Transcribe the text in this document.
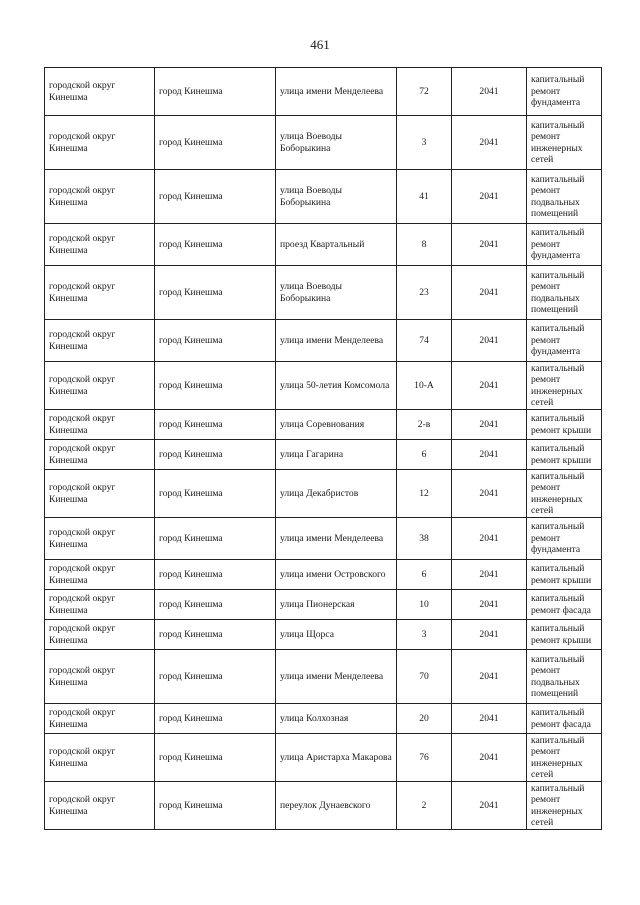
461
городской округ Кинешма	город Кинешма	улица имени Менделеева	72	2041	капитальный ремонт фундамента
городской округ Кинешма	город Кинешма	улица Воеводы Боборыкина	3	2041	капитальный ремонт инженерных сетей
городской округ Кинешма	город Кинешма	улица Воеводы Боборыкина	41	2041	капитальный ремонт подвальных помещений
городской округ Кинешма	город Кинешма	проезд Квартальный	8	2041	капитальный ремонт фундамента
городской округ Кинешма	город Кинешма	улица Воеводы Боборыкина	23	2041	капитальный ремонт подвальных помещений
городской округ Кинешма	город Кинешма	улица имени Менделеева	74	2041	капитальный ремонт фундамента
городской округ Кинешма	город Кинешма	улица 50-летия Комсомола	10-А	2041	капитальный ремонт инженерных сетей
городской округ Кинешма	город Кинешма	улица Соревнования	2-в	2041	капитальный ремонт крыши
городской округ Кинешма	город Кинешма	улица Гагарина	6	2041	капитальный ремонт крыши
городской округ Кинешма	город Кинешма	улица Декабристов	12	2041	капитальный ремонт инженерных сетей
городской округ Кинешма	город Кинешма	улица имени Менделеева	38	2041	капитальный ремонт фундамента
городской округ Кинешма	город Кинешма	улица имени Островского	6	2041	капитальный ремонт крыши
городской округ Кинешма	город Кинешма	улица Пионерская	10	2041	капитальный ремонт фасада
городской округ Кинешма	город Кинешма	улица Щорса	3	2041	капитальный ремонт крыши
городской округ Кинешма	город Кинешма	улица имени Менделеева	70	2041	капитальный ремонт подвальных помещений
городской округ Кинешма	город Кинешма	улица Колхозная	20	2041	капитальный ремонт фасада
городской округ Кинешма	город Кинешма	улица Аристарха Макарова	76	2041	капитальный ремонт инженерных сетей
городской округ Кинешма	город Кинешма	переулок Дунаевского	2	2041	капитальный ремонт инженерных сетей
